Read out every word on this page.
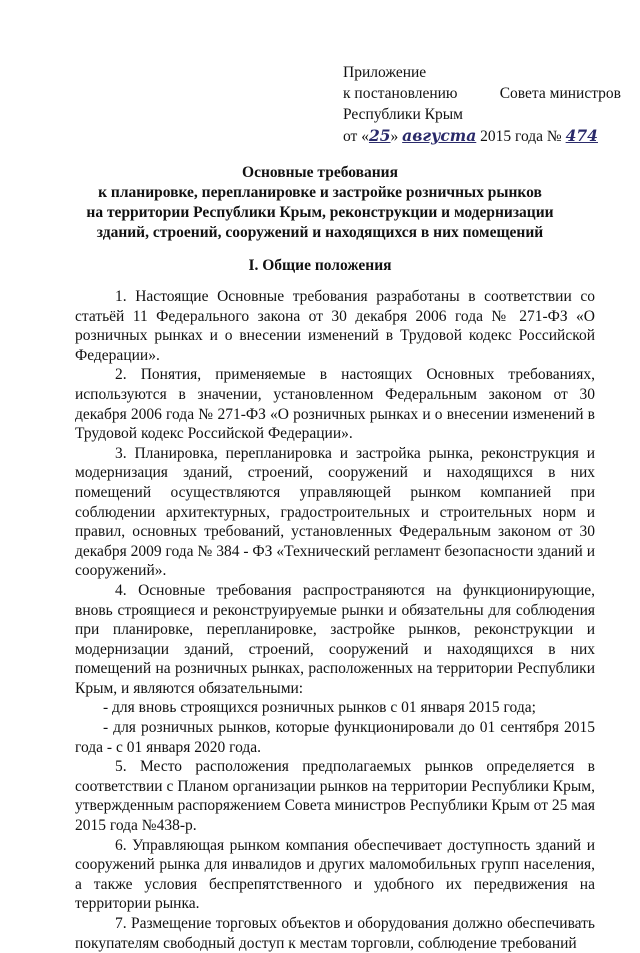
Приложение
к постановлению	Совета министров
Республики Крым
от «25» августа 2015 года № 474
Основные требования
к планировке, перепланировке и застройке розничных рынков
на территории Республики Крым, реконструкции и модернизации
зданий, строений, сооружений и находящихся в них помещений
I. Общие положения

1. Настоящие Основные требования разработаны в соответствии со статьёй 11 Федерального закона от 30 декабря 2006 года № 271-ФЗ «О розничных рынках и о внесении изменений в Трудовой кодекс Российской Федерации».

2. Понятия, применяемые в настоящих Основных требованиях, используются в значении, установленном Федеральным законом от 30 декабря 2006 года № 271-ФЗ «О розничных рынках и о внесении изменений в Трудовой кодекс Российской Федерации».

3. Планировка, перепланировка и застройка рынка, реконструкция и модернизация зданий, строений, сооружений и находящихся в них помещений осуществляются управляющей рынком компанией при соблюдении архитектурных, градостроительных и строительных норм и правил, основных требований, установленных Федеральным законом от 30 декабря 2009 года № 384 - ФЗ «Технический регламент безопасности зданий и сооружений».

4. Основные требования распространяются на функционирующие, вновь строящиеся и реконструируемые рынки и обязательны для соблюдения при планировке, перепланировке, застройке рынков, реконструкции и модернизации зданий, строений, сооружений и находящихся в них помещений на розничных рынках, расположенных на территории Республики Крым, и являются обязательными:

- для вновь строящихся розничных рынков с 01 января 2015 года;

- для розничных рынков, которые функционировали до 01 сентября 2015 года - с 01 января 2020 года.

5. Место расположения предполагаемых рынков определяется в соответствии с Планом организации рынков на территории Республики Крым, утвержденным распоряжением Совета министров Республики Крым от 25 мая 2015 года №438-р.

6. Управляющая рынком компания обеспечивает доступность зданий и сооружений рынка для инвалидов и других маломобильных групп населения, а также условия беспрепятственного и удобного их передвижения на территории рынка.

7. Размещение торговых объектов и оборудования должно обеспечивать покупателям свободный доступ к местам торговли, соблюдение требований
